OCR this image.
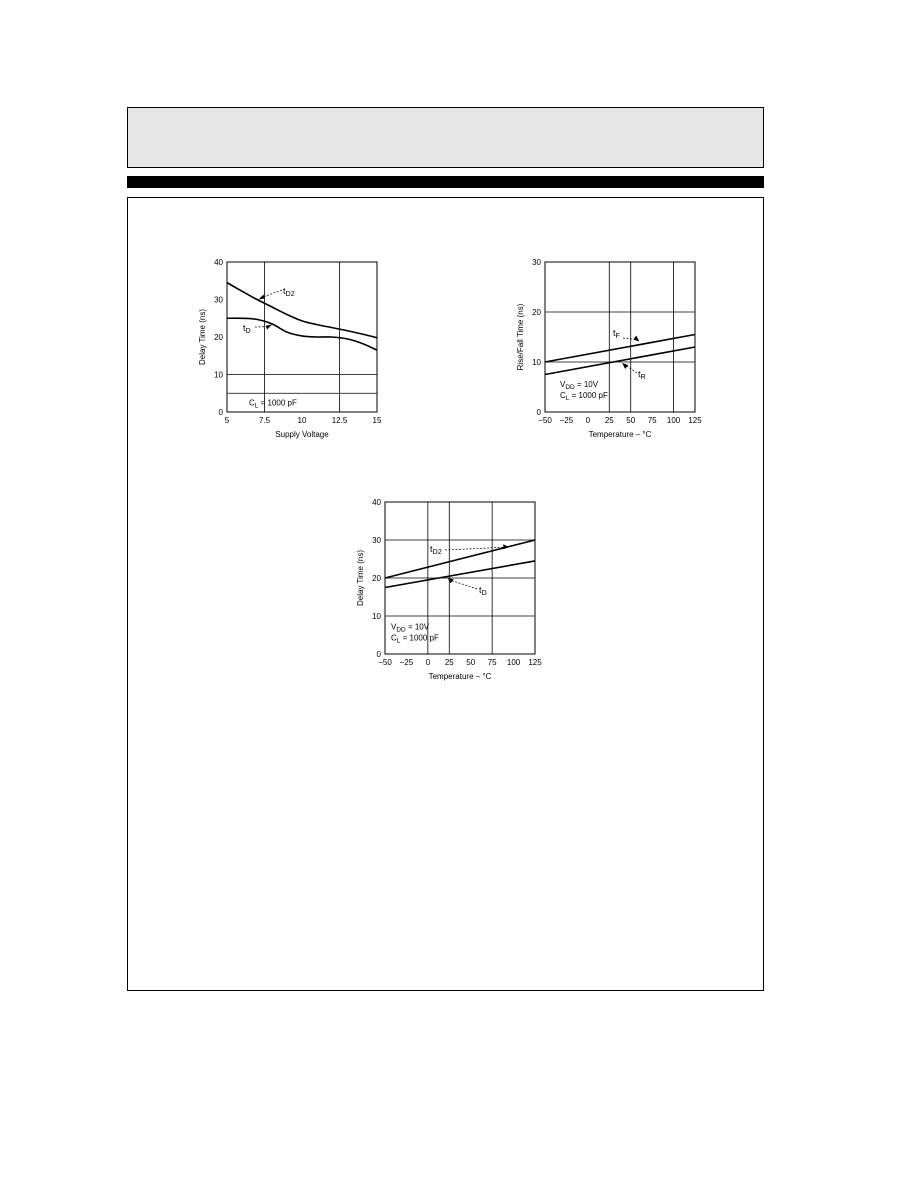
5	7.5	10	12.5	15
0
10
20
30
40
Supply Voltage
Delay Time (ns)
$t_{D2}$
$t_D$
$C_L = 1000$ pF
−50 −25 0 25 50 75 100 125
0
10
20
30
Temperature – °C
Rise/Fall Time (ns)	$t_F$
$t_R$
$V_{DD} = 10V$
$C_L = 1000$ pF
−50 −25 0 25 50 75 100 125
0
10
20
30
40
Temperature – °C
Delay Time (ns)
$t_{D2}$
$t_D$
$V_{DD} = 10V$
$C_L = 1000$ pF
